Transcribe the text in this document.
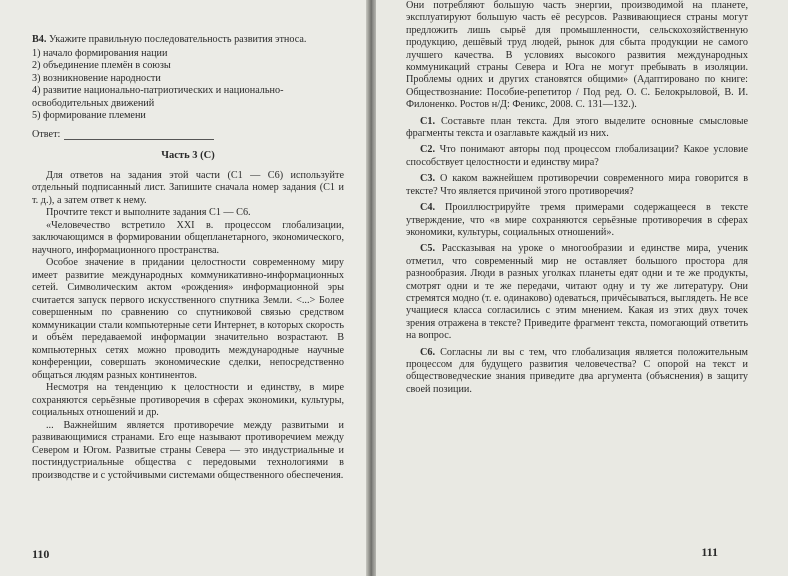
В4. Укажите правильную последовательность развития этноса.

1) начало формирования нации
2) объединение племён в союзы
3) возникновение народности
4) развитие национально-патриотических и национально-освободительных движений
5) формирование племени
Ответ:
Часть 3 (С)

Для ответов на задания этой части (С1 — С6) используйте отдельный подписанный лист. Запишите сначала номер задания (С1 и т. д.), а затем ответ к нему.

Прочтите текст и выполните задания С1 — С6.

«Человечество встретило XXI в. процессом глобализации, заключающимся в формировании общепланетарного, экономического, научного, информационного пространства.

Особое значение в придании целостности современному миру имеет развитие международных коммуникативно-информационных сетей. Символическим актом «рождения» информационной эры считается запуск первого искусственного спутника Земли. <...> Более совершенным по сравнению со спутниковой связью средством коммуникации стали компьютерные сети Интернет, в которых скорость и объём передаваемой информации значительно возрастают. В компьютерных сетях можно проводить международные научные конференции, совершать экономические сделки, непосредственно общаться людям разных континентов.

Несмотря на тенденцию к целостности и единству, в мире сохраняются серьёзные противоречия в сферах экономики, культуры, социальных отношений и др.

... Важнейшим является противоречие между развитыми и развивающимися странами. Его еще называют противоречием между Севером и Югом. Развитые страны Севера — это индустриальные и постиндустриальные общества с передовыми технологиями в производстве и с устойчивыми системами общественного обеспечения.

110

Они потребляют большую часть энергии, производимой на планете, эксплуатируют большую часть её ресурсов. Развивающиеся страны могут предложить лишь сырьё для промышленности, сельскохозяйственную продукцию, дешёвый труд людей, рынок для сбыта продукции не самого лучшего качества. В условиях высокого развития международных коммуникаций страны Севера и Юга не могут пребывать в изоляции. Проблемы одних и других становятся общими» (Адаптировано по книге: Обществознание: Пособие-репетитор / Под ред. О. С. Белокрыловой, В. И. Филоненко. Ростов н/Д: Феникс, 2008. С. 131—132.).

С1. Составьте план текста. Для этого выделите основные смысловые фрагменты текста и озаглавьте каждый из них.

С2. Что понимают авторы под процессом глобализации? Какое условие способствует целостности и единству мира?

С3. О каком важнейшем противоречии современного мира говорится в тексте? Что является причиной этого противоречия?

С4. Проиллюстрируйте тремя примерами содержащееся в тексте утверждение, что «в мире сохраняются серьёзные противоречия в сферах экономики, культуры, социальных отношений».

С5. Рассказывая на уроке о многообразии и единстве мира, ученик отметил, что современный мир не оставляет большого простора для разнообразия. Люди в разных уголках планеты едят одни и те же продукты, смотрят одни и те же передачи, читают одну и ту же литературу. Они стремятся модно (т. е. одинаково) одеваться, причёсываться, выглядеть. Не все учащиеся класса согласились с этим мнением. Какая из этих двух точек зрения отражена в тексте? Приведите фрагмент текста, помогающий ответить на вопрос.

С6. Согласны ли вы с тем, что глобализация является положительным процессом для будущего развития человечества? С опорой на текст и обществоведческие знания приведите два аргумента (объяснения) в защиту своей позиции.

111
